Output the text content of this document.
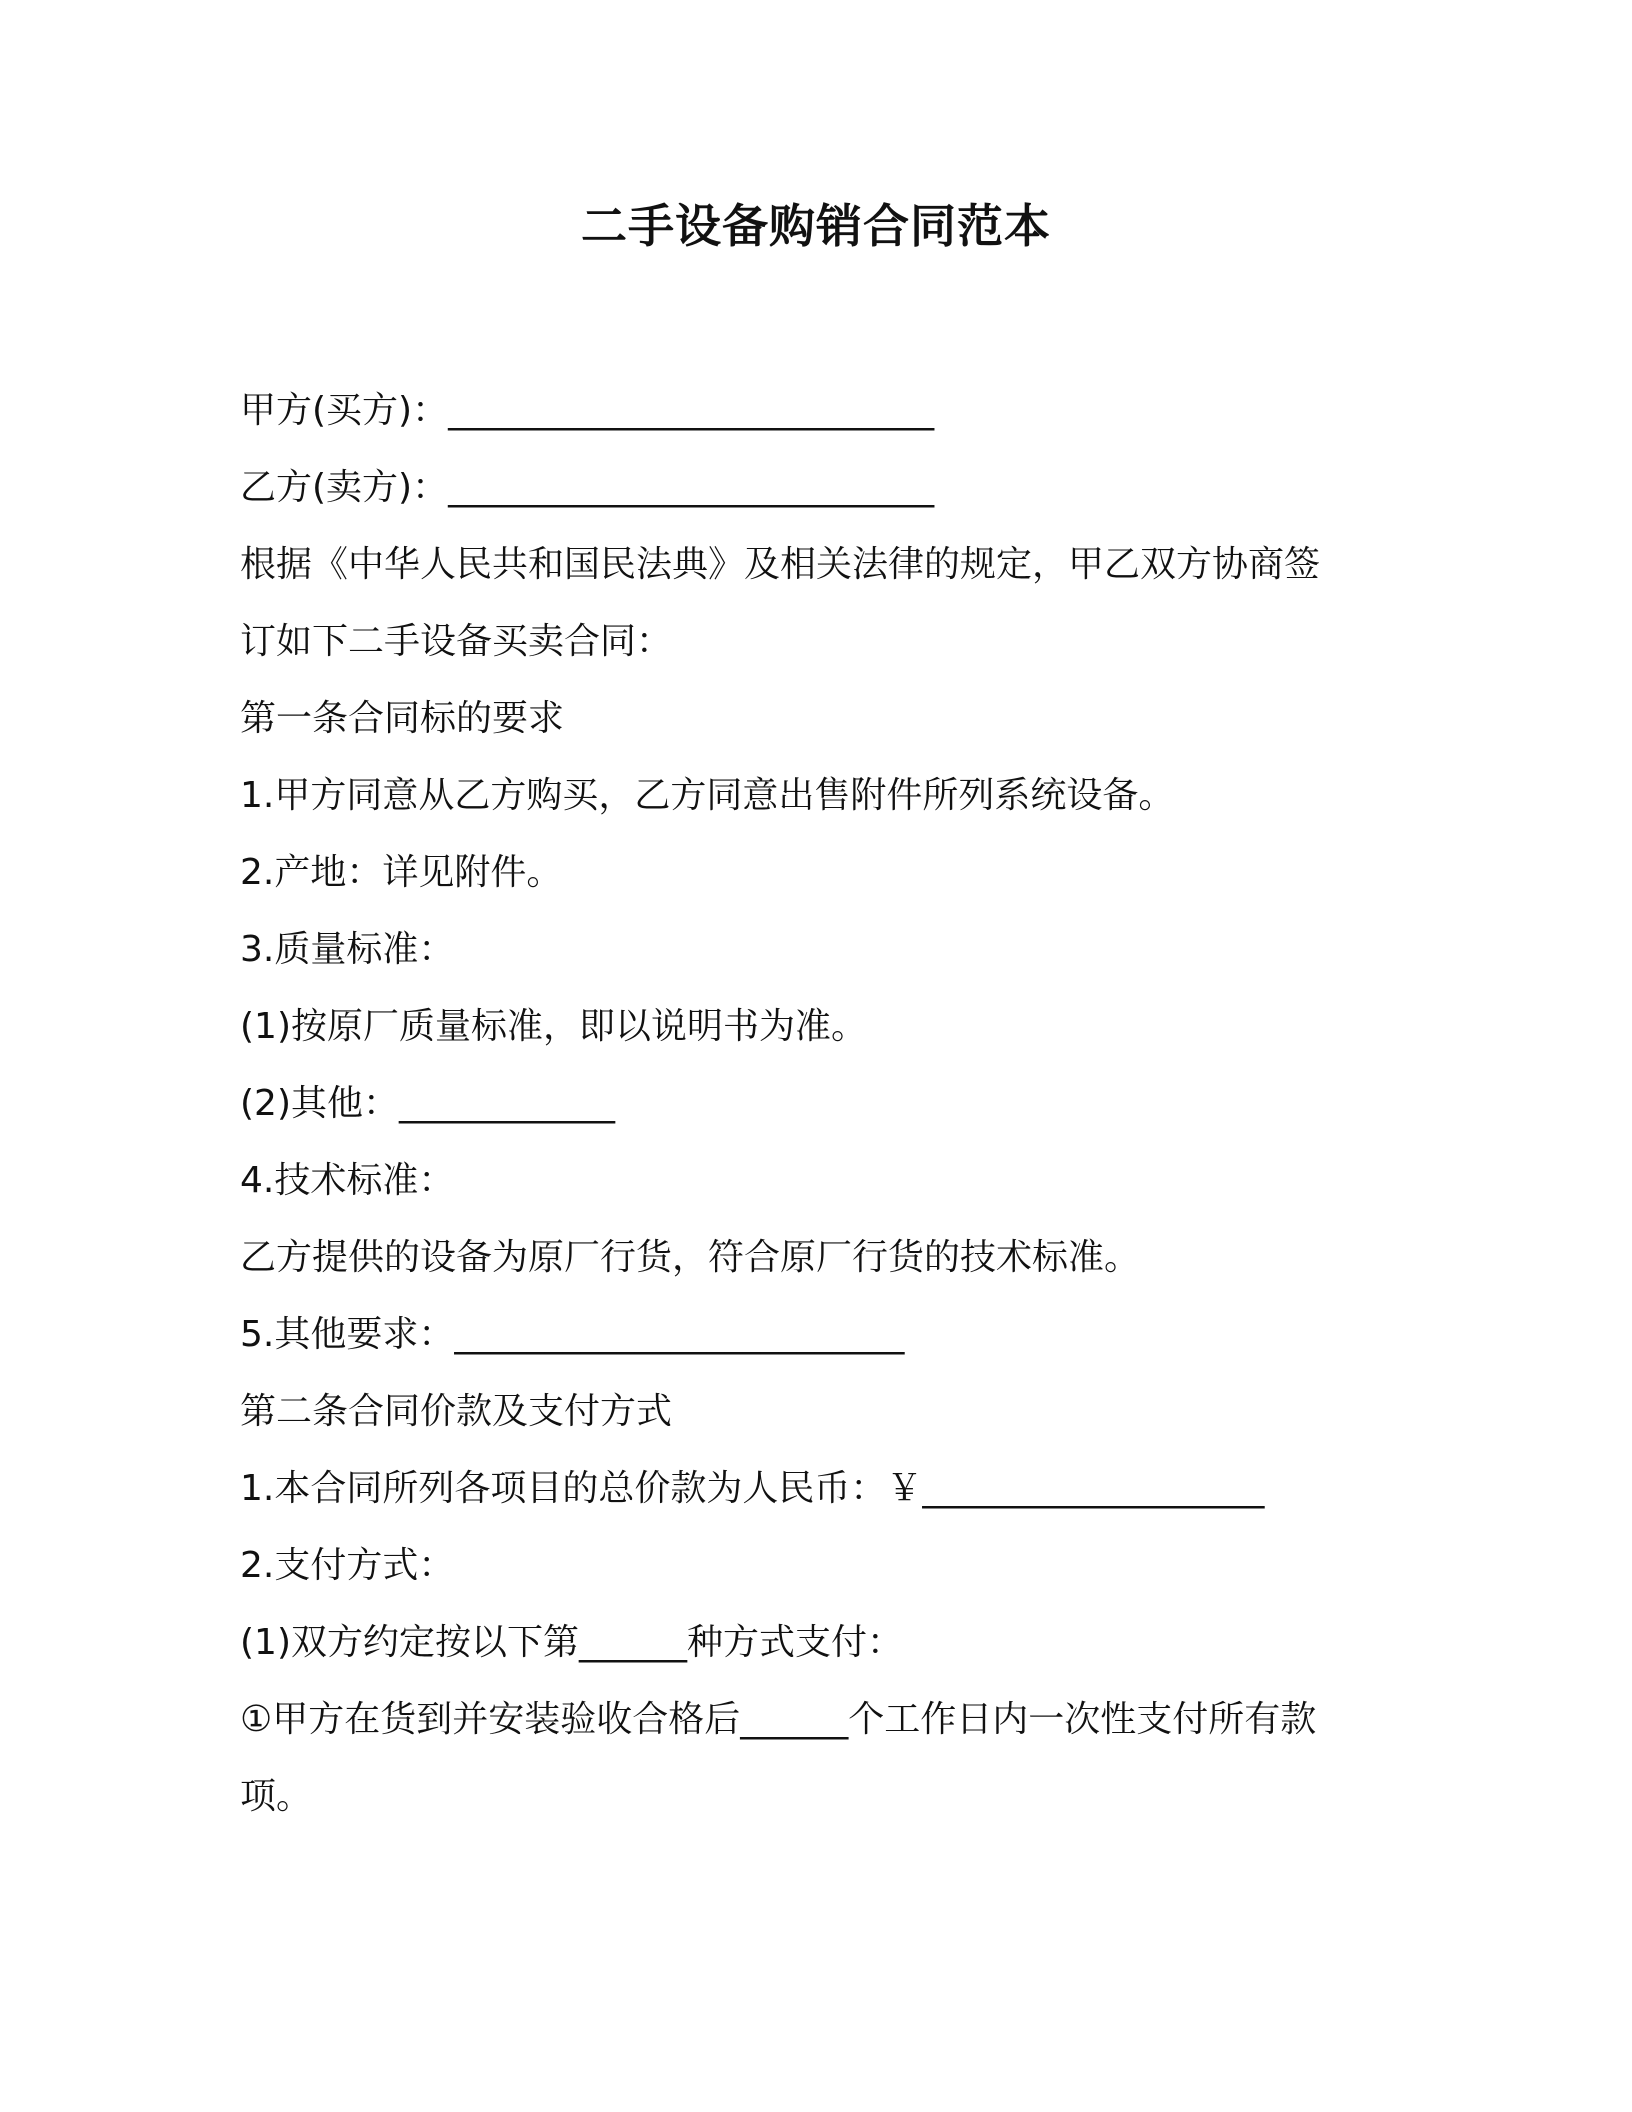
二手设备购销合同范本
甲方(买方)：___________________________
乙方(卖方)：___________________________
根据《中华人民共和国民法典》及相关法律的规定，甲乙双方协商签
订如下二手设备买卖合同：
第一条合同标的要求
1.甲方同意从乙方购买，乙方同意出售附件所列系统设备。
2.产地：详见附件。
3.质量标准：
(1)按原厂质量标准，即以说明书为准。
(2)其他：____________
4.技术标准：
乙方提供的设备为原厂行货，符合原厂行货的技术标准。
5.其他要求：_________________________
第二条合同价款及支付方式
1.本合同所列各项目的总价款为人民币：￥___________________
2.支付方式：
(1)双方约定按以下第______种方式支付：
①甲方在货到并安装验收合格后______个工作日内一次性支付所有款
项。
